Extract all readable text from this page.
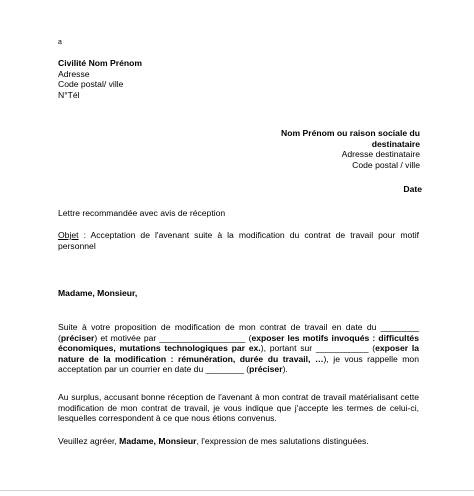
a
Civilité Nom Prénom
Adresse
Code postal/ ville
N°Tél
Nom Prénom ou raison sociale du destinataire
Adresse destinataire
Code postal / ville
Date
Lettre recommandée avec avis de réception
Objet : Acceptation de l'avenant suite à la modification du contrat de travail pour motif personnel
Madame, Monsieur,
Suite à votre proposition de modification de mon contrat de travail en date du ________ (préciser) et motivée par __________________ (exposer les motifs invoqués : difficultés économiques, mutations technologiques par ex.), portant sur ___________ (exposer la nature de la modification : rémunération, durée du travail, …), je vous rappelle mon acceptation par un courrier en date du ________ (préciser).
Au surplus, accusant bonne réception de l'avenant à mon contrat de travail matérialisant cette modification de mon contrat de travail, je vous indique que j'accepte les termes de celui-ci, lesquelles correspondent à ce que nous étions convenus.
Veuillez agréer, Madame, Monsieur, l'expression de mes salutations distinguées.
